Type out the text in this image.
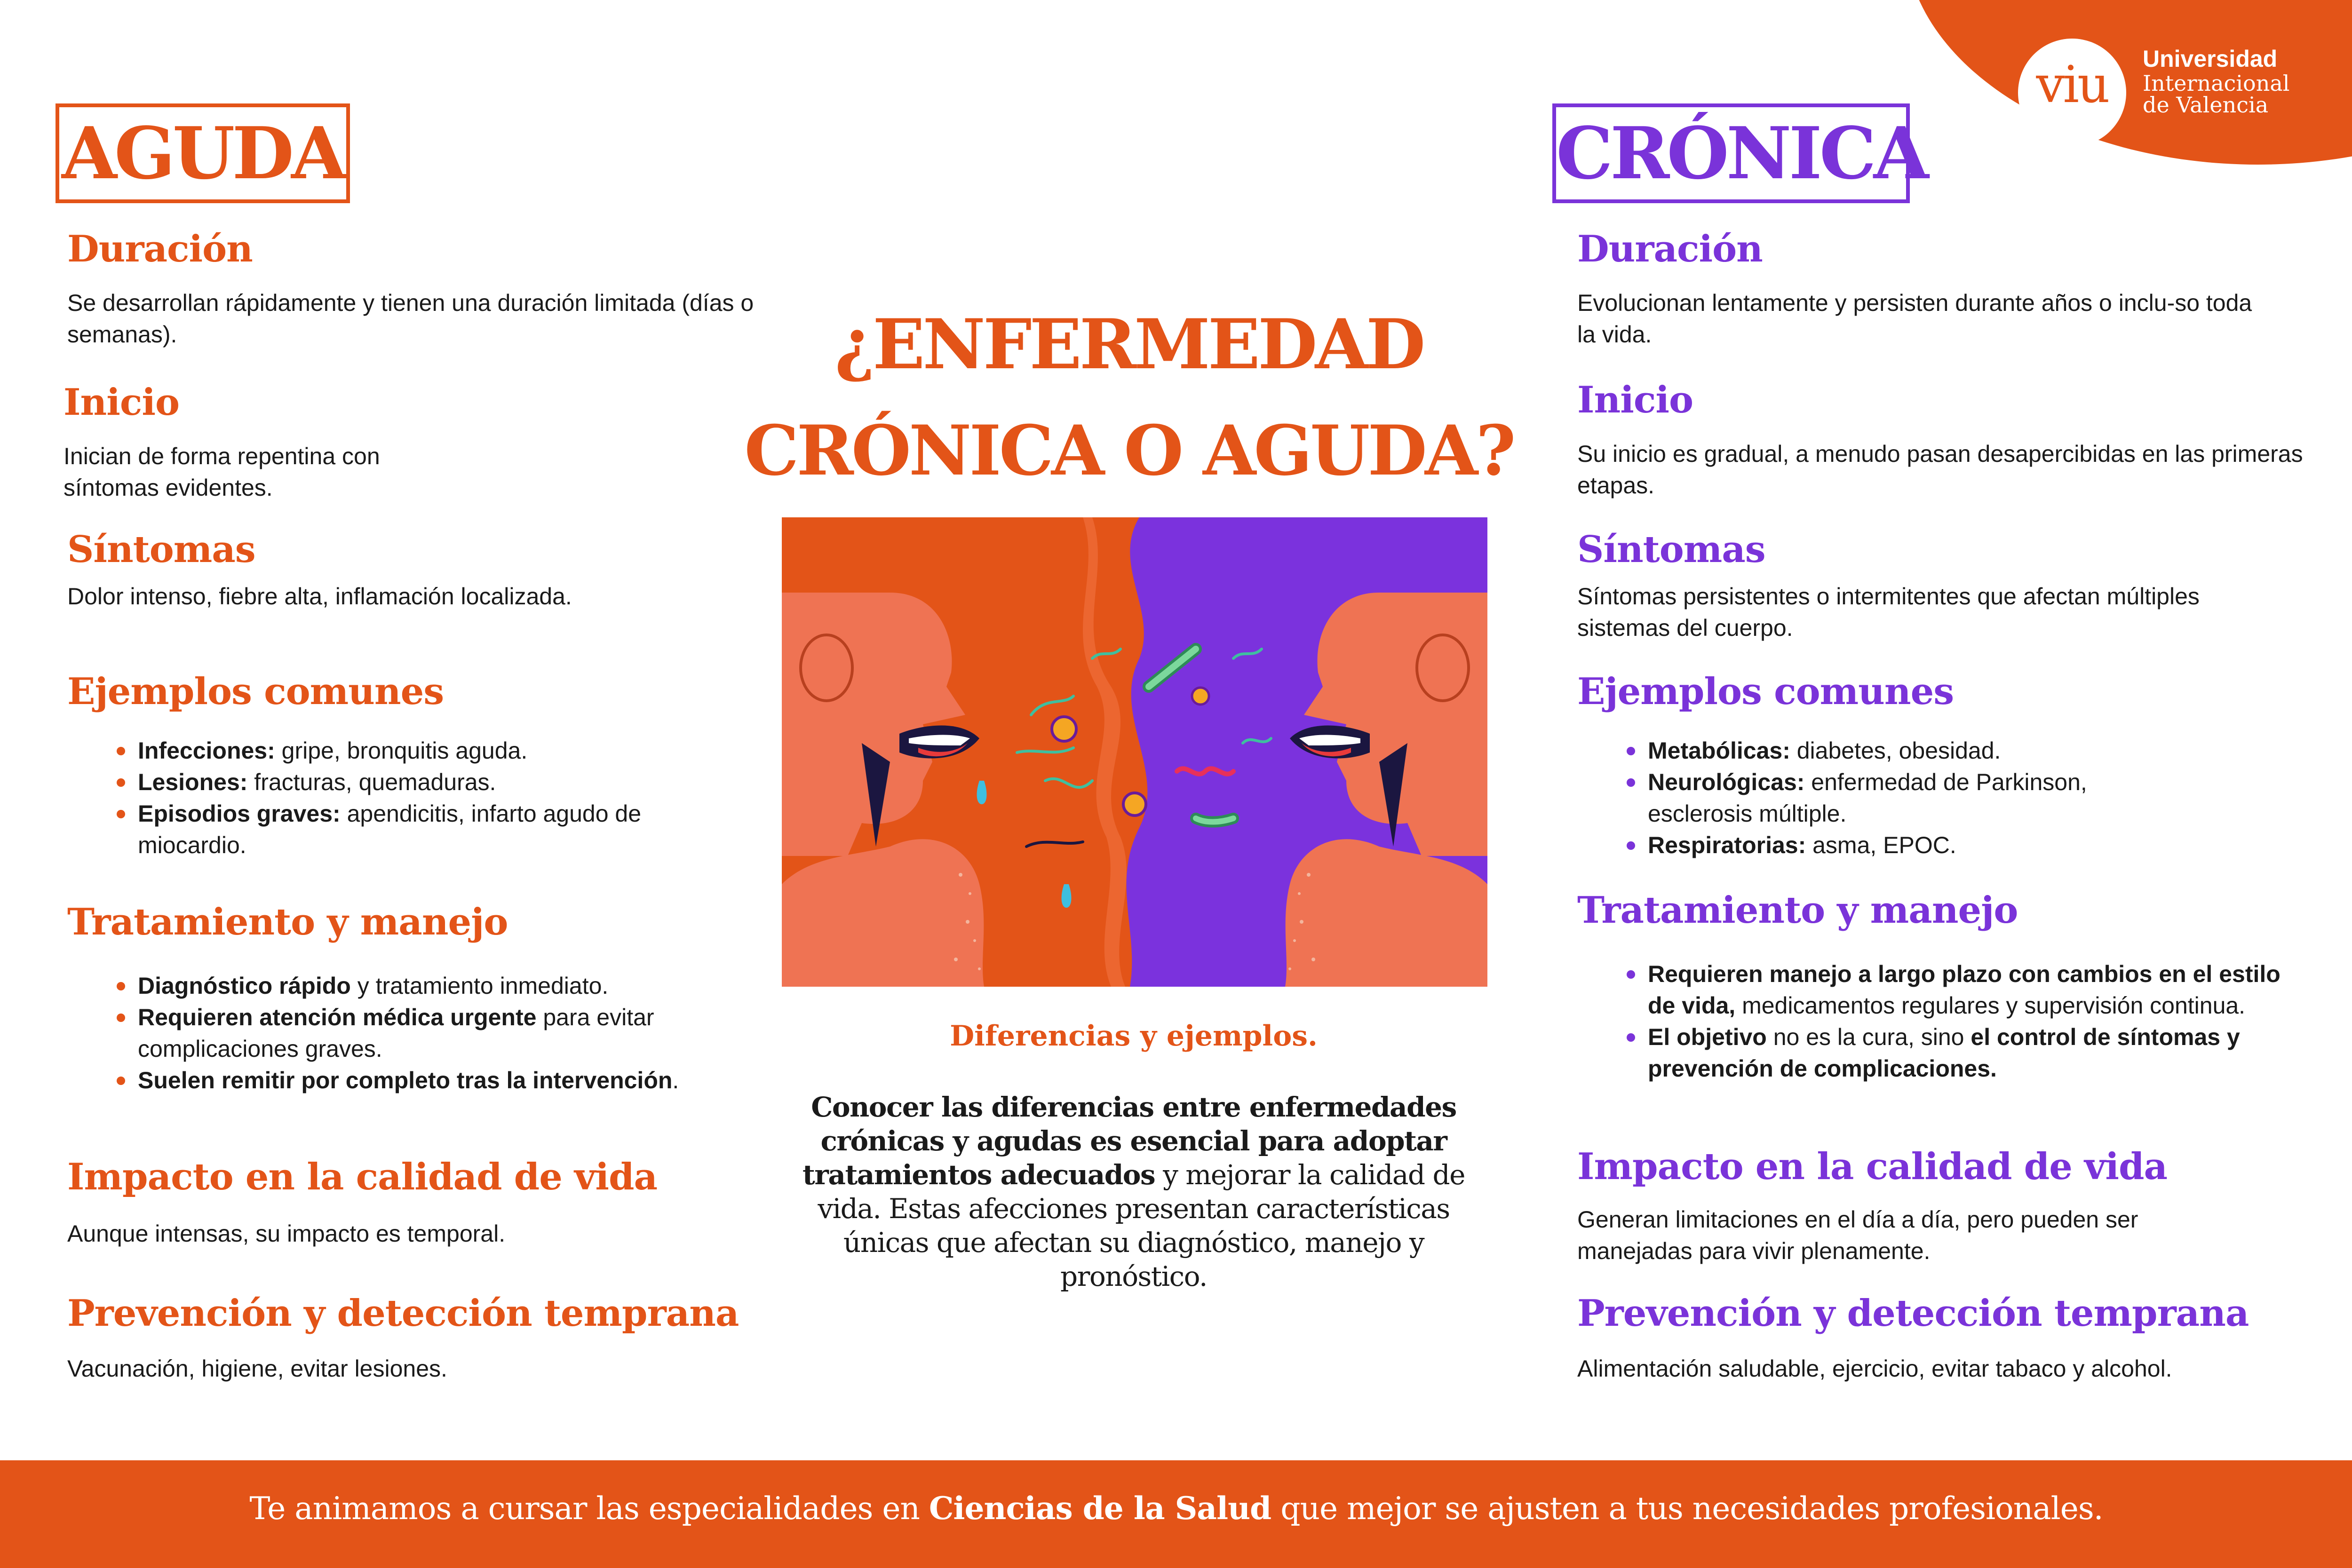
viu	Universidad
Internacional
de Valencia
AGUDA
Duración
Se desarrollan rápidamente y tienen una duración limitada (días o semanas).
Inicio
Inician de forma repentina con síntomas evidentes.
Síntomas
Dolor intenso, fiebre alta, inflamación localizada.
Ejemplos comunes
Infecciones: gripe, bronquitis aguda.
Lesiones: fracturas, quemaduras.
Episodios graves: apendicitis, infarto agudo de miocardio.
Tratamiento y manejo
Diagnóstico rápido y tratamiento inmediato.
Requieren atención médica urgente para evitar complicaciones graves.
Suelen remitir por completo tras la intervención.
Impacto en la calidad de vida
Aunque intensas, su impacto es temporal.
Prevención y detección temprana
Vacunación, higiene, evitar lesiones.
¿ENFERMEDAD
CRÓNICA O AGUDA?
Diferencias y ejemplos.
Conocer las diferencias entre enfermedades crónicas y agudas es esencial para adoptar tratamientos adecuados y mejorar la calidad de vida. Estas afecciones presentan características únicas que afectan su diagnóstico, manejo y pronóstico.
CRÓNICA
Duración
Evolucionan lentamente y persisten durante años o inclu-so toda la vida.
Inicio
Su inicio es gradual, a menudo pasan desapercibidas en las primeras etapas.
Síntomas
Síntomas persistentes o intermitentes que afectan múltiples sistemas del cuerpo.
Ejemplos comunes
Metabólicas: diabetes, obesidad.
Neurológicas: enfermedad de Parkinson, esclerosis múltiple.
Respiratorias: asma, EPOC.
Tratamiento y manejo
Requieren manejo a largo plazo con cambios en el estilo de vida, medicamentos regulares y supervisión continua.
El objetivo no es la cura, sino el control de síntomas y prevención de complicaciones.
Impacto en la calidad de vida
Generan limitaciones en el día a día, pero pueden ser manejadas para vivir plenamente.
Prevención y detección temprana
Alimentación saludable, ejercicio, evitar tabaco y alcohol.
Te animamos a cursar las especialidades en Ciencias de la Salud que mejor se ajusten a tus necesidades profesionales.
